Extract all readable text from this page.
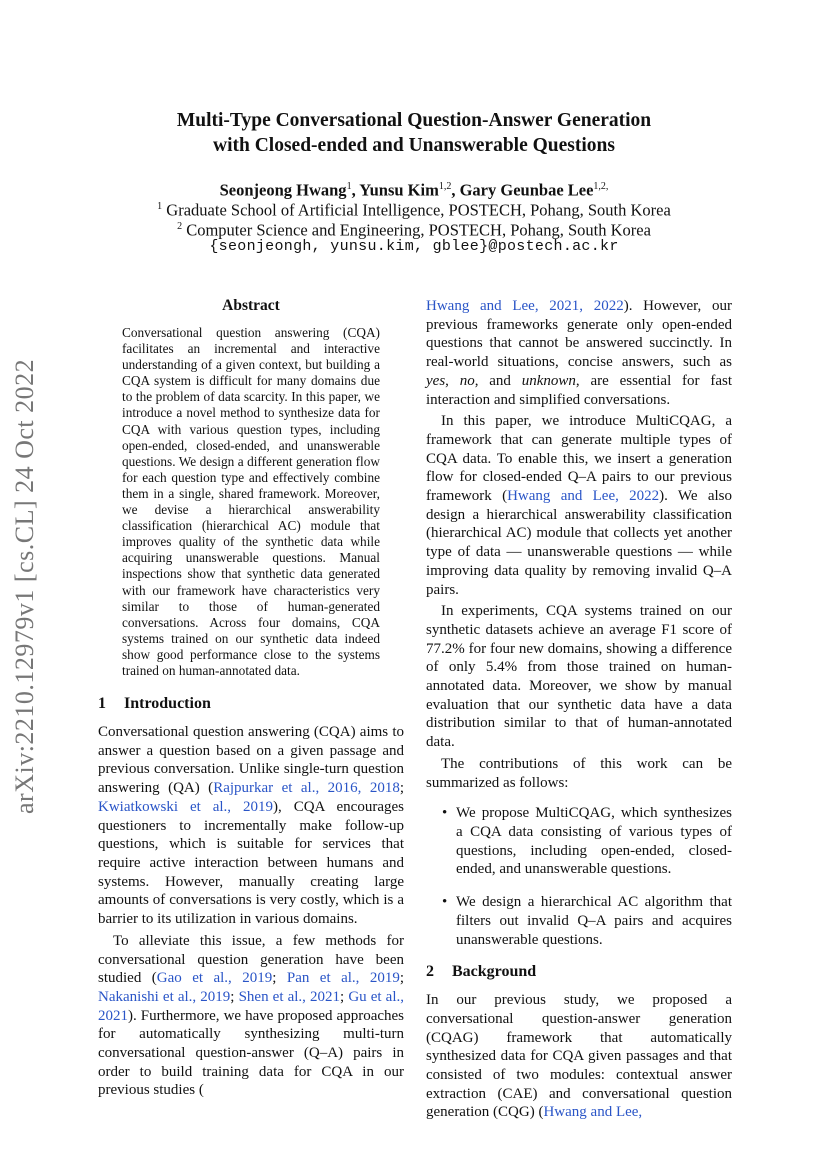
arXiv:2210.12979v1 [cs.CL] 24 Oct 2022
Multi-Type Conversational Question-Answer Generation
with Closed-ended and Unanswerable Questions
Seonjeong Hwang$^1$, Yunsu Kim$^{1,2}$, Gary Geunbae Lee$^{1,2,}$
$^1$ Graduate School of Artificial Intelligence, POSTECH, Pohang, South Korea
$^2$ Computer Science and Engineering, POSTECH, Pohang, South Korea
{seonjeongh, yunsu.kim, gblee}@postech.ac.kr
Abstract

Conversational question answering (CQA) facilitates an incremental and interactive understanding of a given context, but building a CQA system is difficult for many domains due to the problem of data scarcity. In this paper, we introduce a novel method to synthesize data for CQA with various question types, including open-ended, closed-ended, and unanswerable questions. We design a different generation flow for each question type and effectively combine them in a single, shared framework. Moreover, we devise a hierarchical answerability classification (hierarchical AC) module that improves quality of the synthetic data while acquiring unanswerable questions. Manual inspections show that synthetic data generated with our framework have characteristics very similar to those of human-generated conversations. Across four domains, CQA systems trained on our synthetic data indeed show good performance close to the systems trained on human-annotated data.

1 Introduction

Conversational question answering (CQA) aims to answer a question based on a given passage and previous conversation. Unlike single-turn question answering (QA) (Rajpurkar et al., 2016, 2018; Kwiatkowski et al., 2019), CQA encourages questioners to incrementally make follow-up questions, which is suitable for services that require active interaction between humans and systems. However, manually creating large amounts of conversations is very costly, which is a barrier to its utilization in various domains.

To alleviate this issue, a few methods for conversational question generation have been studied (Gao et al., 2019; Pan et al., 2019; Nakanishi et al., 2019; Shen et al., 2021; Gu et al., 2021). Furthermore, we have proposed approaches for automatically synthesizing multi-turn conversational question-answer (Q–A) pairs in order to build training data for CQA in our previous studies (

Hwang and Lee, 2021, 2022). However, our previous frameworks generate only open-ended questions that cannot be answered succinctly. In real-world situations, concise answers, such as yes, no, and unknown, are essential for fast interaction and simplified conversations.

In this paper, we introduce MultiCQAG, a framework that can generate multiple types of CQA data. To enable this, we insert a generation flow for closed-ended Q–A pairs to our previous framework (Hwang and Lee, 2022). We also design a hierarchical answerability classification (hierarchical AC) module that collects yet another type of data — unanswerable questions — while improving data quality by removing invalid Q–A pairs.

In experiments, CQA systems trained on our synthetic datasets achieve an average F1 score of 77.2% for four new domains, showing a difference of only 5.4% from those trained on human-annotated data. Moreover, we show by manual evaluation that our synthetic data have a data distribution similar to that of human-annotated data.

The contributions of this work can be summarized as follows:

• We propose MultiCQAG, which synthesizes a CQA data consisting of various types of questions, including open-ended, closed-ended, and unanswerable questions.
• We design a hierarchical AC algorithm that filters out invalid Q–A pairs and acquires unanswerable questions.
2 Background

In our previous study, we proposed a conversational question-answer generation (CQAG) framework that automatically synthesized data for CQA given passages and that consisted of two modules: contextual answer extraction (CAE) and conversational question generation (CQG) (Hwang and Lee,
